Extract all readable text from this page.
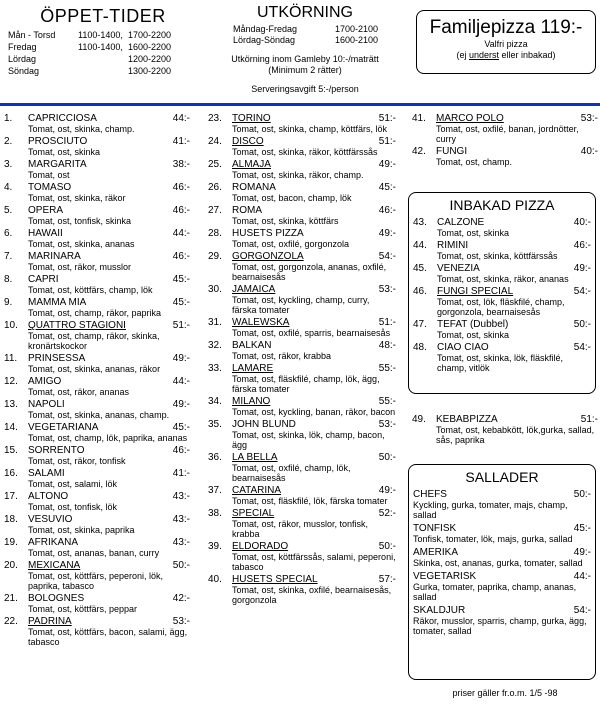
ÖPPET-TIDER
Mån - Torsd	1100-1400, 1700-2200
Fredag	1100-1400, 1600-2200
Lördag	1200-2200
Söndag	1300-2200
UTKÖRNING
Måndag-Fredag	1700-2100
Lördag-Söndag	1600-2100
Utkörning inom Gamleby 10:-/maträtt
(Minimum 2 rätter)
Serveringsavgift 5:-/person
Familjepizza 119:-
Valfri pizza
(ej underst eller inbakad)
1.	CAPRICCIOSA	44:-
Tomat, ost, skinka, champ.
2.	PROSCIUTO	41:-
Tomat, ost, skinka
3.	MARGARITA	38:-
Tomat, ost
4.	TOMASO	46:-
Tomat, ost, skinka, räkor
5.	OPERA	46:-
Tomat, ost, tonfisk, skinka
6.	HAWAII	44:-
Tomat, ost, skinka, ananas
7.	MARINARA	46:-
Tomat, ost, räkor, musslor
8.	CAPRI	45:-
Tomat, ost, köttfärs, champ, lök
9.	MAMMA MIA	45:-
Tomat, ost, champ, räkor, paprika
10.	QUATTRO STAGIONI	51:-
Tomat, ost, champ, räkor, skinka, kronärtskockor
11.	PRINSESSA	49:-
Tomat, ost, skinka, ananas, räkor
12.	AMIGO	44:-
Tomat, ost, räkor, ananas
13.	NAPOLI	49:-
Tomat, ost, skinka, ananas, champ.
14.	VEGETARIANA	45:-
Tomat, ost, champ, lök, paprika, ananas
15.	SORRENTO	46:-
Tomat, ost, räkor, tonfisk
16.	SALAMI	41:-
Tomat, ost, salami, lök
17.	ALTONO	43:-
Tomat, ost, tonfisk, lök
18.	VESUVIO	43:-
Tomat, ost, skinka, paprika
19.	AFRIKANA	43:-
Tomat, ost, ananas, banan, curry
20.	MEXICANA	50:-
Tomat, ost, köttfärs, peperoni, lök, paprika, tabasco
21.	BOLOGNES	42:-
Tomat, ost, köttfärs, peppar
22.	PADRINA	53:-
Tomat, ost, köttfärs, bacon, salami, ägg, tabasco
23.	TORINO	51:-
Tomat, ost, skinka, champ, köttfärs, lök
24.	DISCO	51:-
Tomat, ost, skinka, räkor, köttfärssås
25.	ALMAJA	49:-
Tomat, ost, skinka, räkor, champ.
26.	ROMANA	45:-
Tomat, ost, bacon, champ, lök
27.	ROMA	46:-
Tomat, ost, skinka, köttfärs
28.	HUSETS PIZZA	49:-
Tomat, ost, oxfilé, gorgonzola
29.	GORGONZOLA	54:-
Tomat, ost, gorgonzola, ananas, oxfilé, bearnaisesås
30.	JAMAICA	53:-
Tomat, ost, kyckling, champ, curry, färska tomater
31.	WALEWSKA	51:-
Tomat, ost, oxfilé, sparris, bearnaisesås
32.	BALKAN	48:-
Tomat, ost, räkor, krabba
33.	LAMARE	55:-
Tomat, ost, fläskfilé, champ, lök, ägg, färska tomater
34.	MILANO	55:-
Tomat, ost, kyckling, banan, räkor, bacon
35.	JOHN BLUND	53:-
Tomat, ost, skinka, lök, champ, bacon, ägg
36.	LA BELLA	50:-
Tomat, ost, oxfilé, champ, lök, bearnaisesås
37.	CATARINA	49:-
Tomat, ost, fläskfilé, lök, färska tomater
38.	SPECIAL	52:-
Tomat, ost, räkor, musslor, tonfisk, krabba
39.	ELDORADO	50:-
Tomat, ost, köttfärssås, salami, peperoni, tabasco
40.	HUSETS SPECIAL	57:-
Tomat, ost, skinka, oxfilé, bearnaisesås, gorgonzola
41.	MARCO POLO	53:-
Tomat, ost, oxfilé, banan, jordnötter, curry
42.	FUNGI	40:-
Tomat, ost, champ.
INBAKAD PIZZA
43.	CALZONE	40:-
Tomat, ost, skinka
44.	RIMINI	46:-
Tomat, ost, skinka, köttfärssås
45.	VENEZIA	49:-
Tomat, ost, skinka, räkor, ananas
46.	FUNGI SPECIAL	54:-
Tomat, ost, lök, fläskfilé, champ, gorgonzola, bearnaisesås
47.	TEFAT (Dubbel)	50:-
Tomat, ost, skinka
48.	CIAO CIAO	54:-
Tomat, ost, skinka, lök, fläskfilé, champ, vitlök
49.	KEBABPIZZA	51:-
Tomat, ost, kebabkött, lök,gurka, sallad, sås, paprika
SALLADER
CHEFS	50:-
Kyckling, gurka, tomater, majs, champ, sallad
TONFISK	45:-
Tonfisk, tomater, lök, majs, gurka, sallad
AMERIKA	49:-
Skinka, ost, ananas, gurka, tomater, sallad
VEGETARISK	44:-
Gurka, tomater, paprika, champ, ananas, sallad
SKALDJUR	54:-
Räkor, musslor, sparris, champ, gurka, ägg, tomater, sallad
priser gäller fr.o.m. 1/5 -98
